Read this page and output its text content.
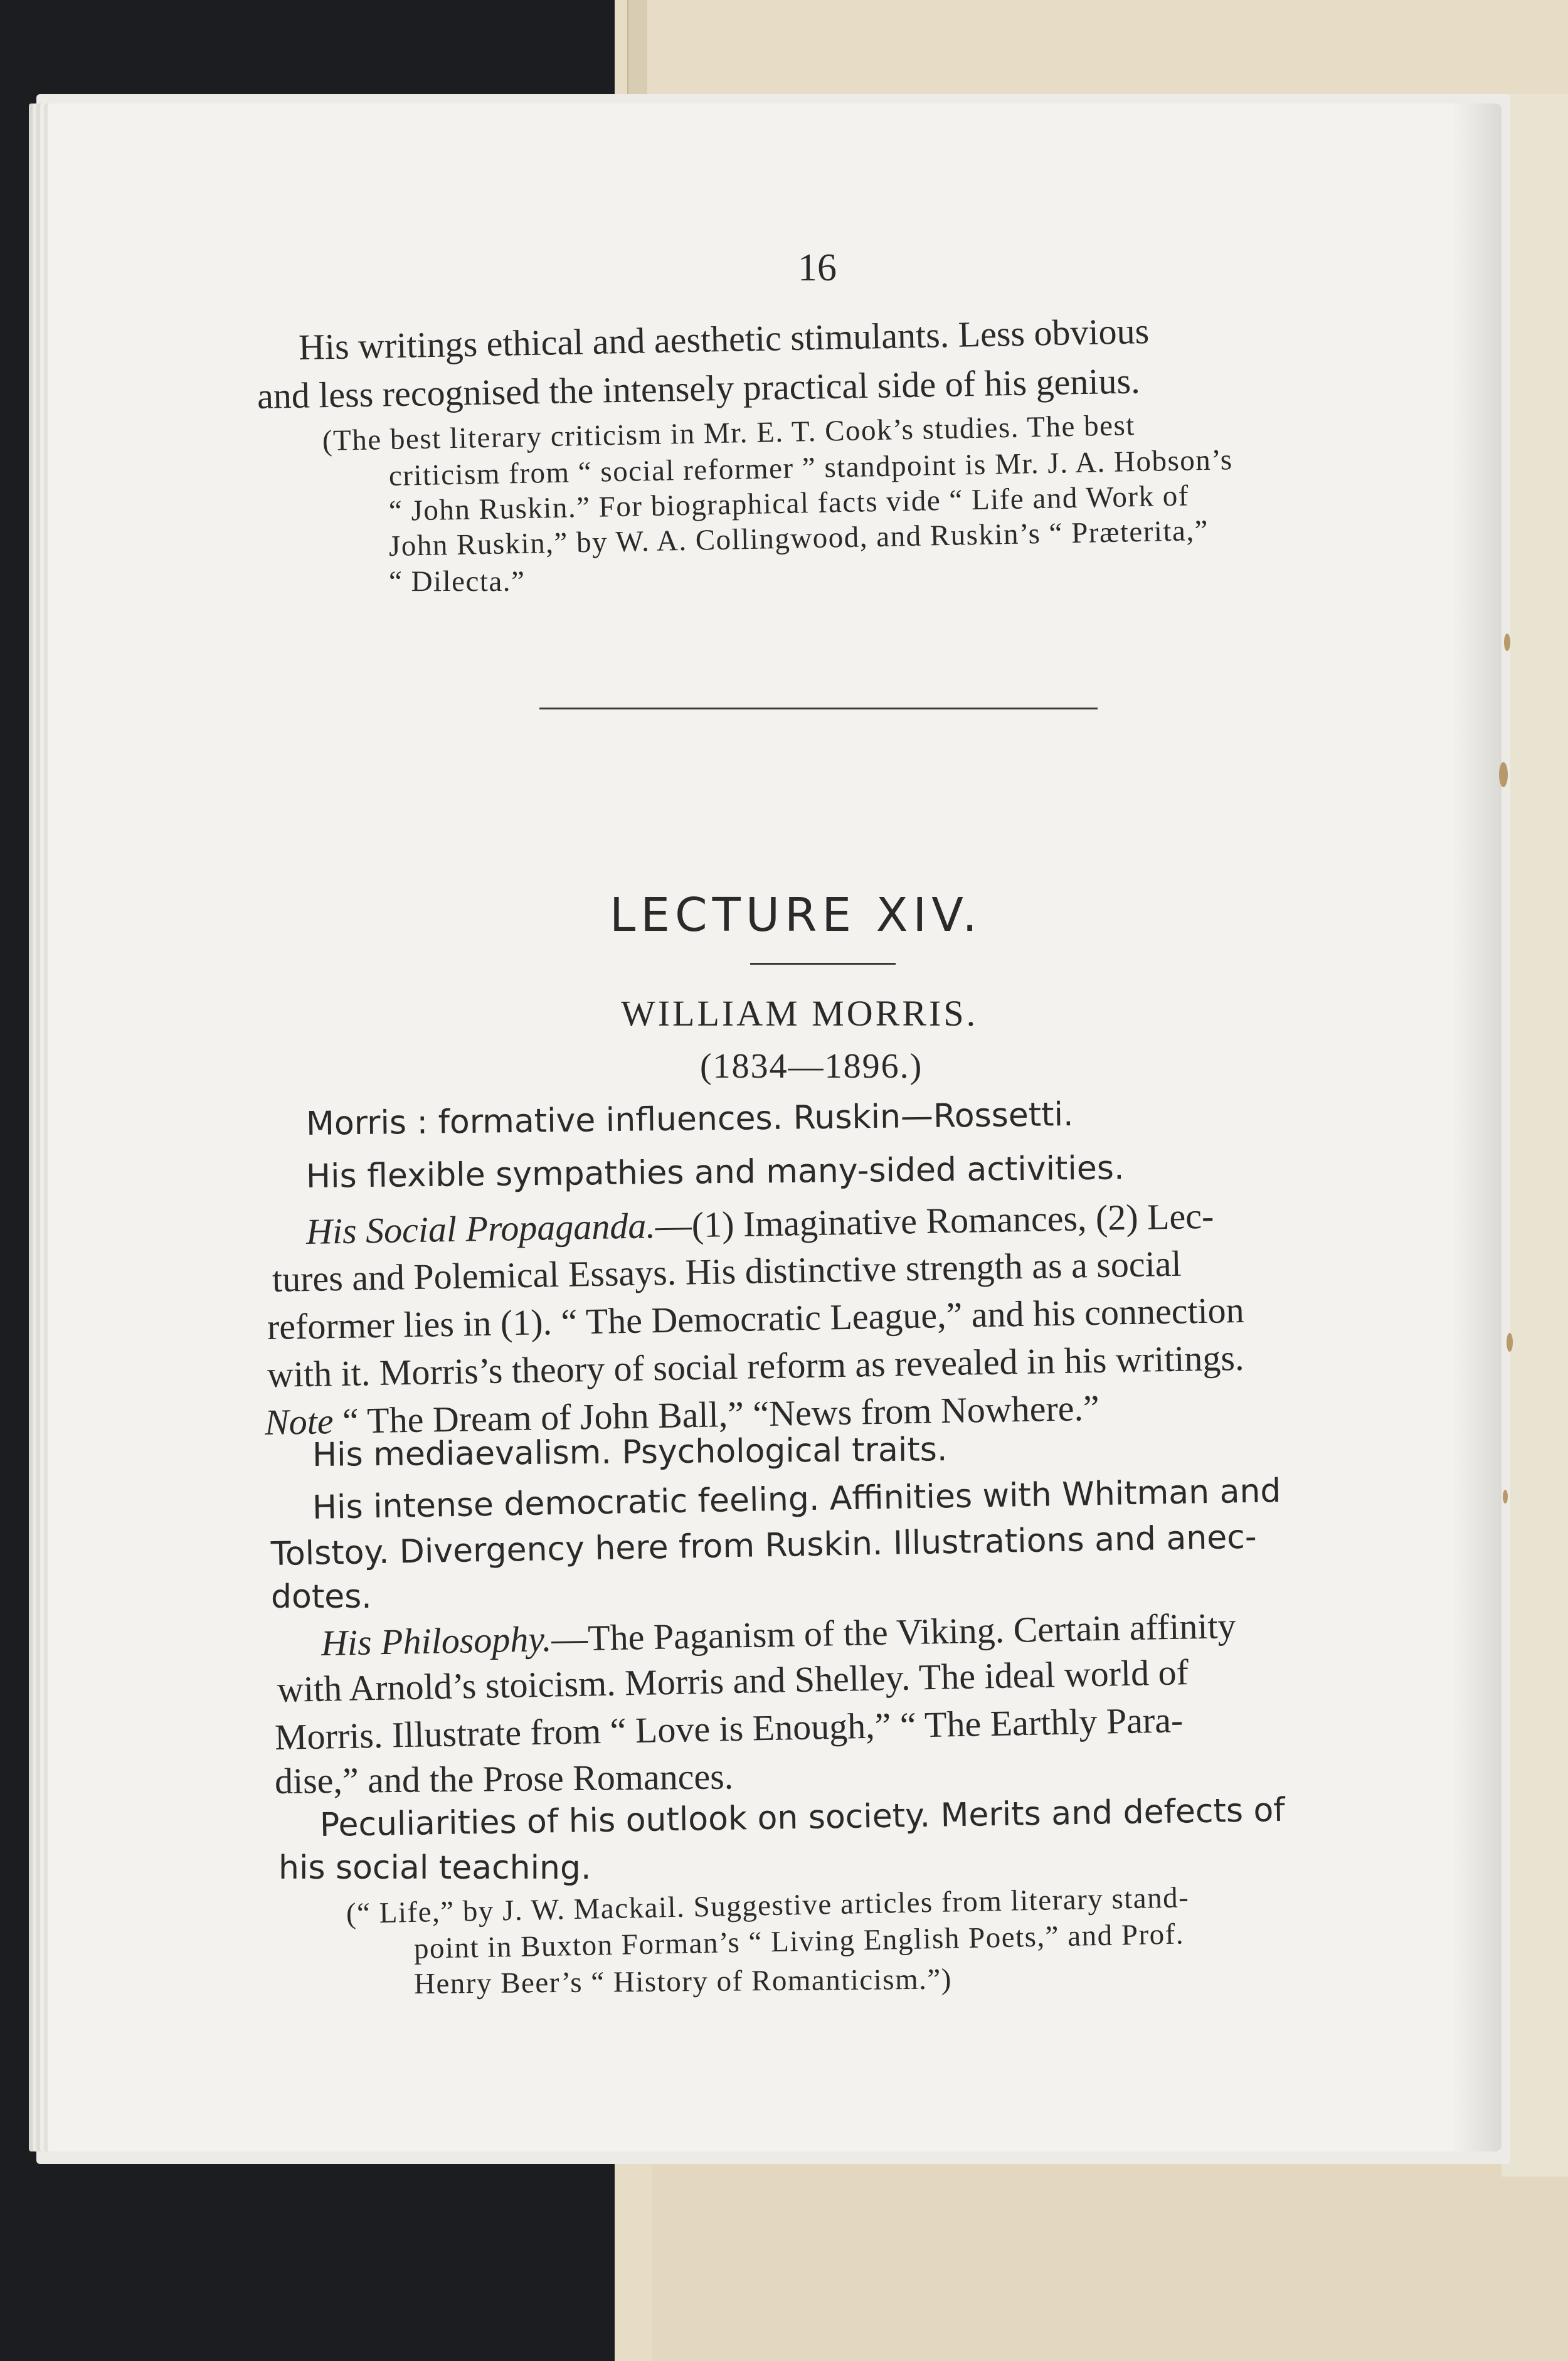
16

His writings ethical and aesthetic stimulants. Less obvious

and less recognised the intensely practical side of his genius.

(The best literary criticism in Mr. E. T. Cook’s studies. The best

criticism from “ social reformer ” standpoint is Mr. J. A. Hobson’s

“ John Ruskin.” For biographical facts vide “ Life and Work of

John Ruskin,” by W. A. Collingwood, and Ruskin’s “ Præterita,”

“ Dilecta.”

LECTURE XIV.
WILLIAM MORRIS.
(1834—1896.)

Morris : formative influences. Ruskin—Rossetti.

His flexible sympathies and many-sided activities.

His Social Propaganda.—(1) Imaginative Romances, (2) Lec-

tures and Polemical Essays. His distinctive strength as a social

reformer lies in (1). “ The Democratic League,” and his connection

with it. Morris’s theory of social reform as revealed in his writings.

Note “ The Dream of John Ball,” “News from Nowhere.”

His mediaevalism. Psychological traits.

His intense democratic feeling. Affinities with Whitman and

Tolstoy. Divergency here from Ruskin. Illustrations and anec-

dotes.

His Philosophy.—The Paganism of the Viking. Certain affinity

with Arnold’s stoicism. Morris and Shelley. The ideal world of

Morris. Illustrate from “ Love is Enough,” “ The Earthly Para-

dise,” and the Prose Romances.

Peculiarities of his outlook on society. Merits and defects of

his social teaching.

(“ Life,” by J. W. Mackail. Suggestive articles from literary stand-

point in Buxton Forman’s “ Living English Poets,” and Prof.

Henry Beer’s “ History of Romanticism.”)
